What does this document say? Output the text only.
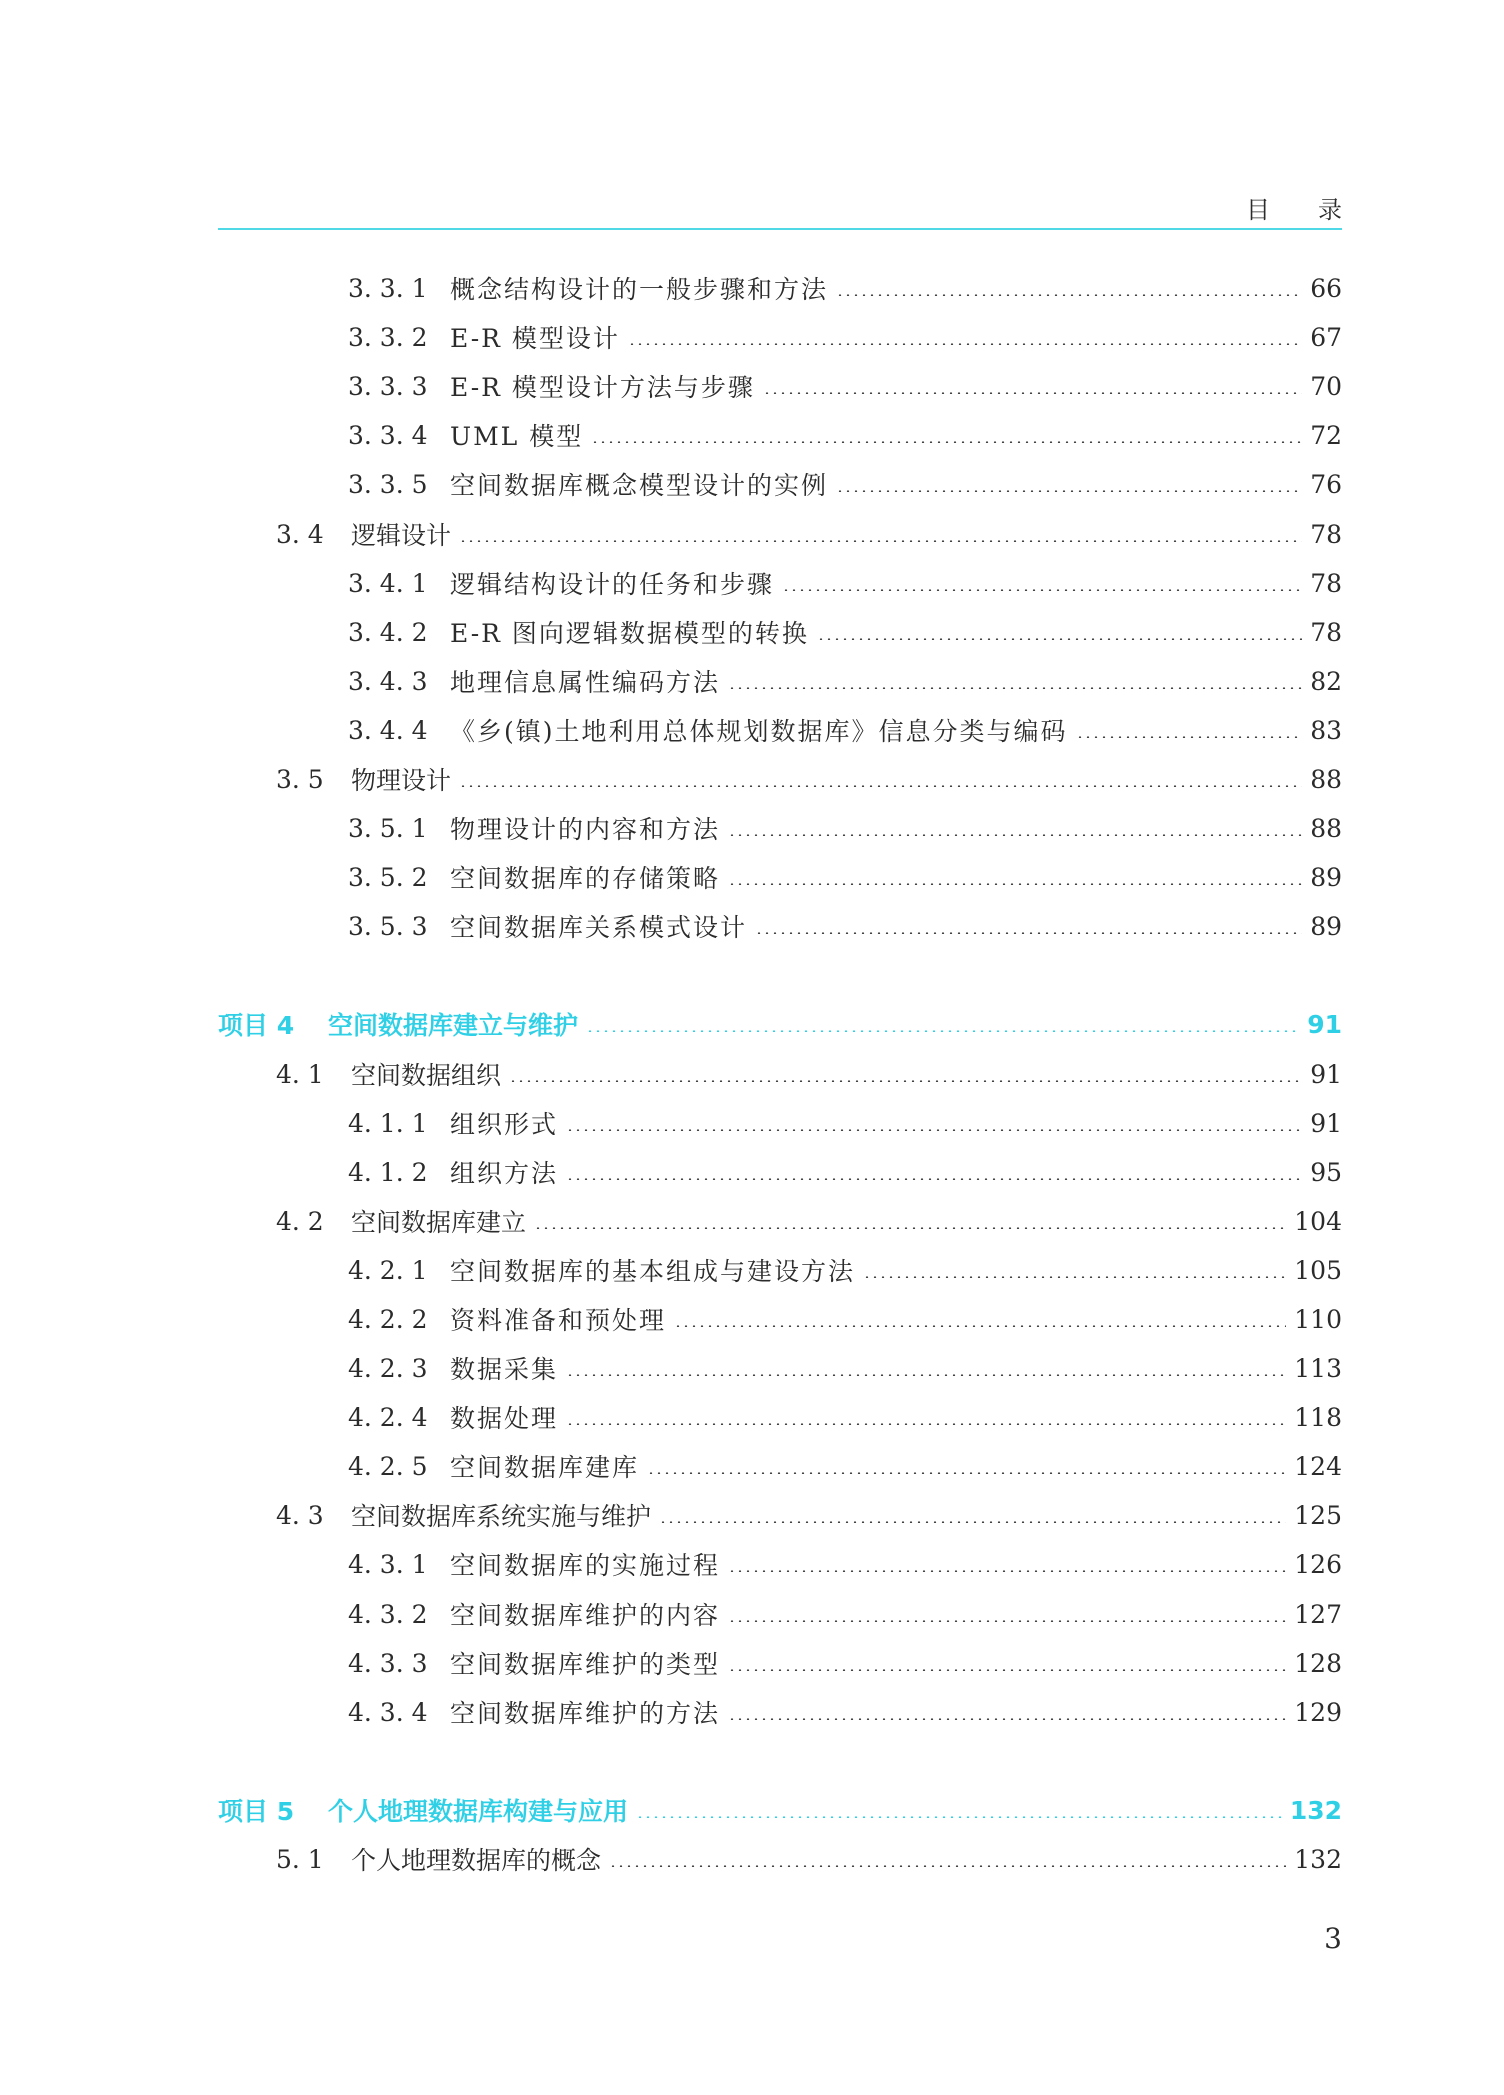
目录
3. 3. 1 概念结构设计的一般步骤和方法	66
3. 3. 2 E-R 模型设计	67
3. 3. 3 E-R 模型设计方法与步骤	70
3. 3. 4 UML 模型	72
3. 3. 5 空间数据库概念模型设计的实例	76
3. 4	逻辑设计	78
3. 4. 1 逻辑结构设计的任务和步骤	78
3. 4. 2 E-R 图向逻辑数据模型的转换	78
3. 4. 3 地理信息属性编码方法	82
3. 4. 4 《乡(镇)土地利用总体规划数据库》信息分类与编码	83
3. 5	物理设计	88
3. 5. 1 物理设计的内容和方法	88
3. 5. 2 空间数据库的存储策略	89
3. 5. 3 空间数据库关系模式设计	89
项目 4	空间数据库建立与维护	91
4. 1	空间数据组织	91
4. 1. 1 组织形式	91
4. 1. 2 组织方法	95
4. 2	空间数据库建立	104
4. 2. 1 空间数据库的基本组成与建设方法	105
4. 2. 2 资料准备和预处理	110
4. 2. 3 数据采集	113
4. 2. 4 数据处理	118
4. 2. 5 空间数据库建库	124
4. 3	空间数据库系统实施与维护	125
4. 3. 1 空间数据库的实施过程	126
4. 3. 2 空间数据库维护的内容	127
4. 3. 3 空间数据库维护的类型	128
4. 3. 4 空间数据库维护的方法	129
项目 5	个人地理数据库构建与应用	132
5. 1	个人地理数据库的概念	132
3
